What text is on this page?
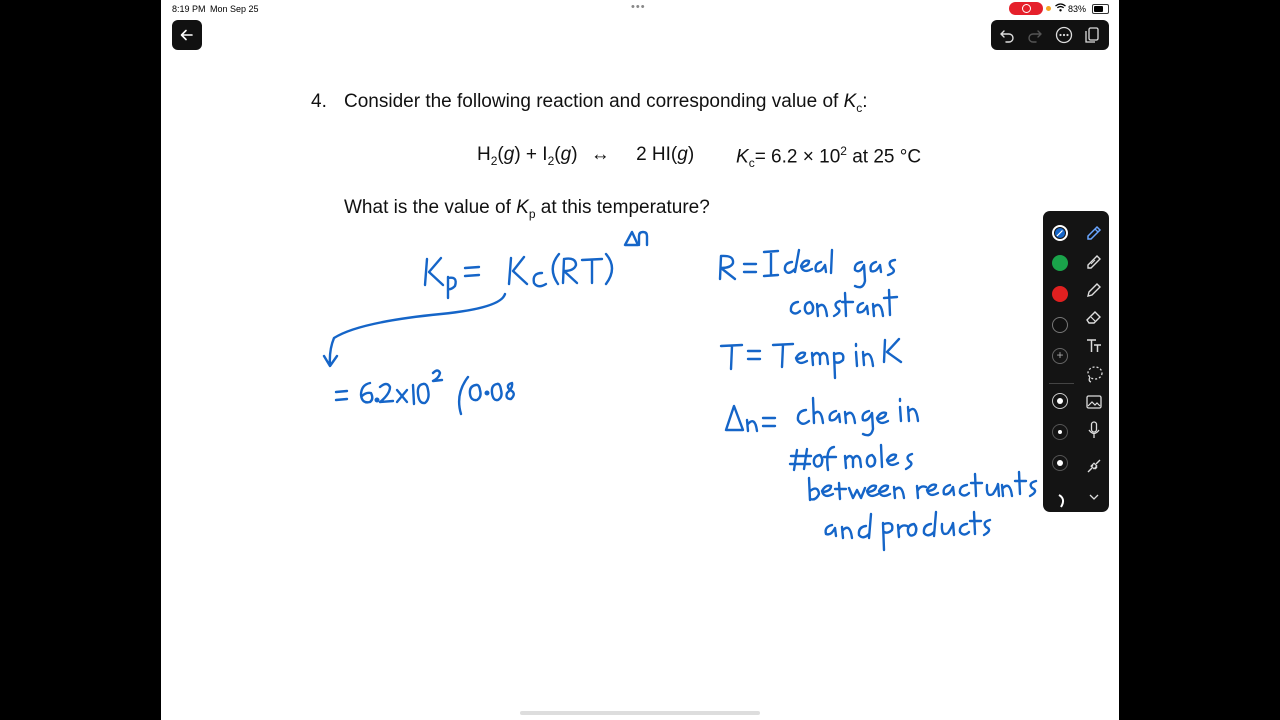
8:19 PM Mon Sep 25	•••	83%
4. Consider the following reaction and corresponding value of $K_c$:
$H_2(g) + I_2(g)$ ↔ 2 HI(g) $K_c= 6.2 \times 10^2$ at 25 °C
What is the value of $K_p$ at this temperature?
+
